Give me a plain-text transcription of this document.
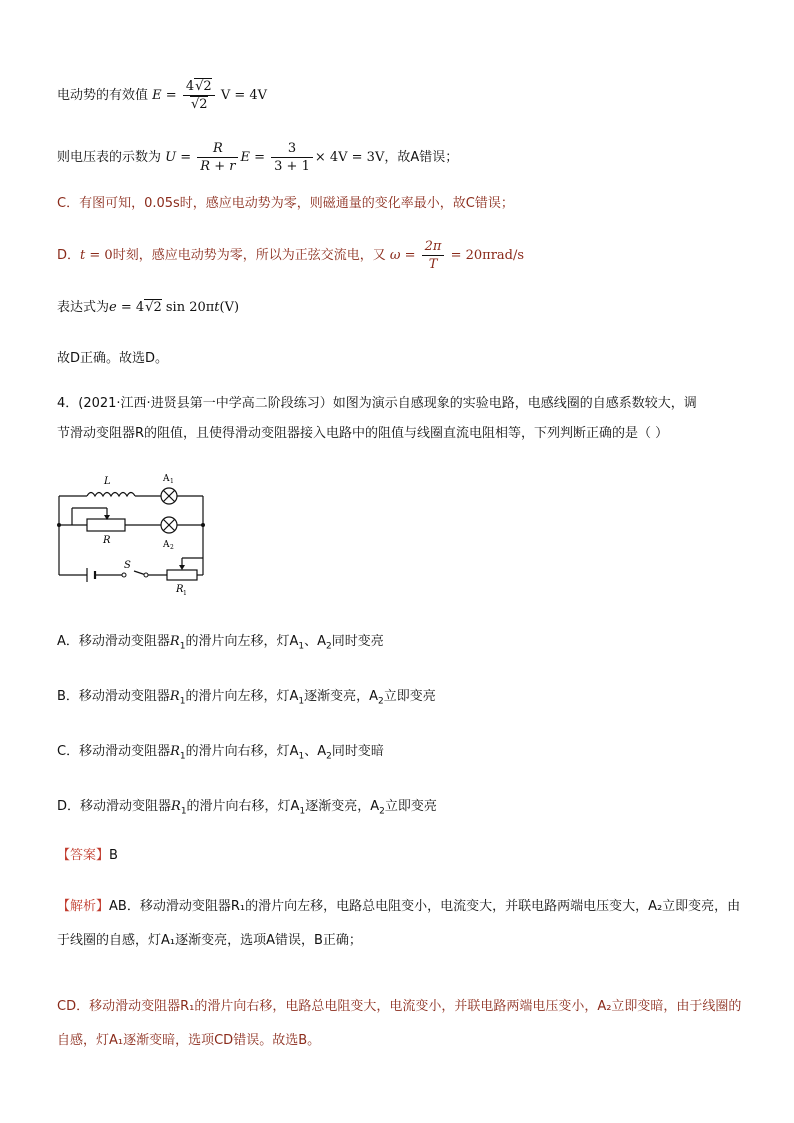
电动势的有效值 $E = \frac{4√2}{√2}$ V = 4V
则电压表的示数为 $U = \frac{R}{R + r}$ $E = \frac{3}{3 + 1} \times 4V = 3V$，故A错误；
C．有图可知，0.05s时，感应电动势为零，则磁通量的变化率最小，故C错误；
D．t = 0时刻，感应电动势为零，所以为正弦交流电，又 $\omega = \frac{2\pi}{T} = 20\pi rad/s$
表达式为e = 4√2 sin 20πt(V)
故D正确。故选D。
4．(2021·江西·进贤县第一中学高二阶段练习）如图为演示自感现象的实验电路，电感线圈的自感系数较大，调
节滑动变阻器R的阻值，且使得滑动变阻器接入电路中的阻值与线圈直流电阻相等，下列判断正确的是（ ）
L	A 1
R	A 2
S
R 1
A．移动滑动变阻器$R_1$的滑片向左移，灯$A_1$、$A_2$同时变亮
B．移动滑动变阻器$R_1$的滑片向左移，灯$A_1$逐渐变亮，$A_2$立即变亮
C．移动滑动变阻器$R_1$的滑片向右移，灯$A_1$、$A_2$同时变暗
D．移动滑动变阻器$R_1$的滑片向右移，灯$A_1$逐渐变亮，$A_2$立即变亮
【答案】B
【解析】AB．移动滑动变阻器R₁的滑片向左移，电路总电阻变小，电流变大，并联电路两端电压变大，A₂立即变亮，由于线圈的自感，灯A₁逐渐变亮，选项A错误，B正确；
CD．移动滑动变阻器R₁的滑片向右移，电路总电阻变大，电流变小，并联电路两端电压变小，A₂立即变暗，由于线圈的自感，灯A₁逐渐变暗，选项CD错误。故选B。
